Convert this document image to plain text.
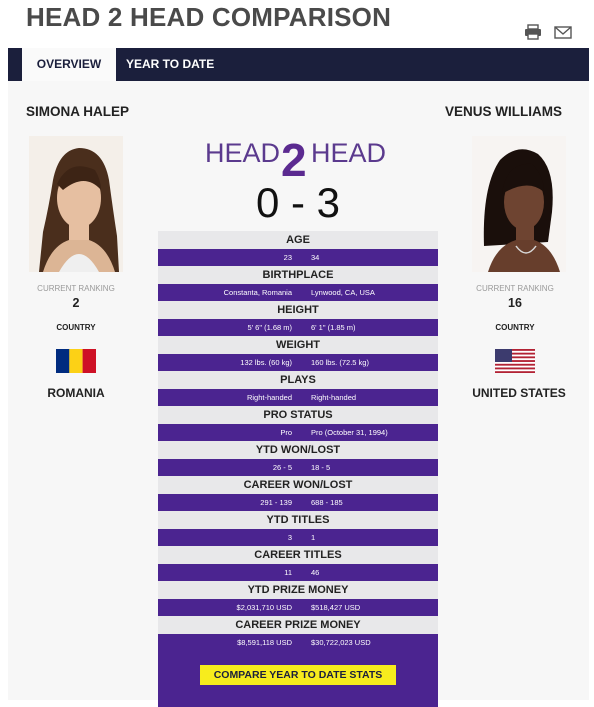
HEAD 2 HEAD COMPARISON
OVERVIEW	YEAR TO DATE
SIMONA HALEP
CURRENT RANKING
2
COUNTRY
ROMANIA
VENUS WILLIAMS
CURRENT RANKING
16
COUNTRY
UNITED STATES
HEAD 2 HEAD
0 - 3
AGE
23	34
BIRTHPLACE
Constanta, Romania	Lynwood, CA, USA
HEIGHT
5' 6" (1.68 m)	6' 1" (1.85 m)
WEIGHT
132 lbs. (60 kg)	160 lbs. (72.5 kg)
PLAYS
Right-handed	Right-handed
PRO STATUS
Pro	Pro (October 31, 1994)
YTD WON/LOST
26 - 5	18 - 5
CAREER WON/LOST
291 - 139	688 - 185
YTD TITLES
3	1
CAREER TITLES
11	46
YTD PRIZE MONEY
$2,031,710 USD	$518,427 USD
CAREER PRIZE MONEY
$8,591,118 USD	$30,722,023 USD
COMPARE YEAR TO DATE STATS
